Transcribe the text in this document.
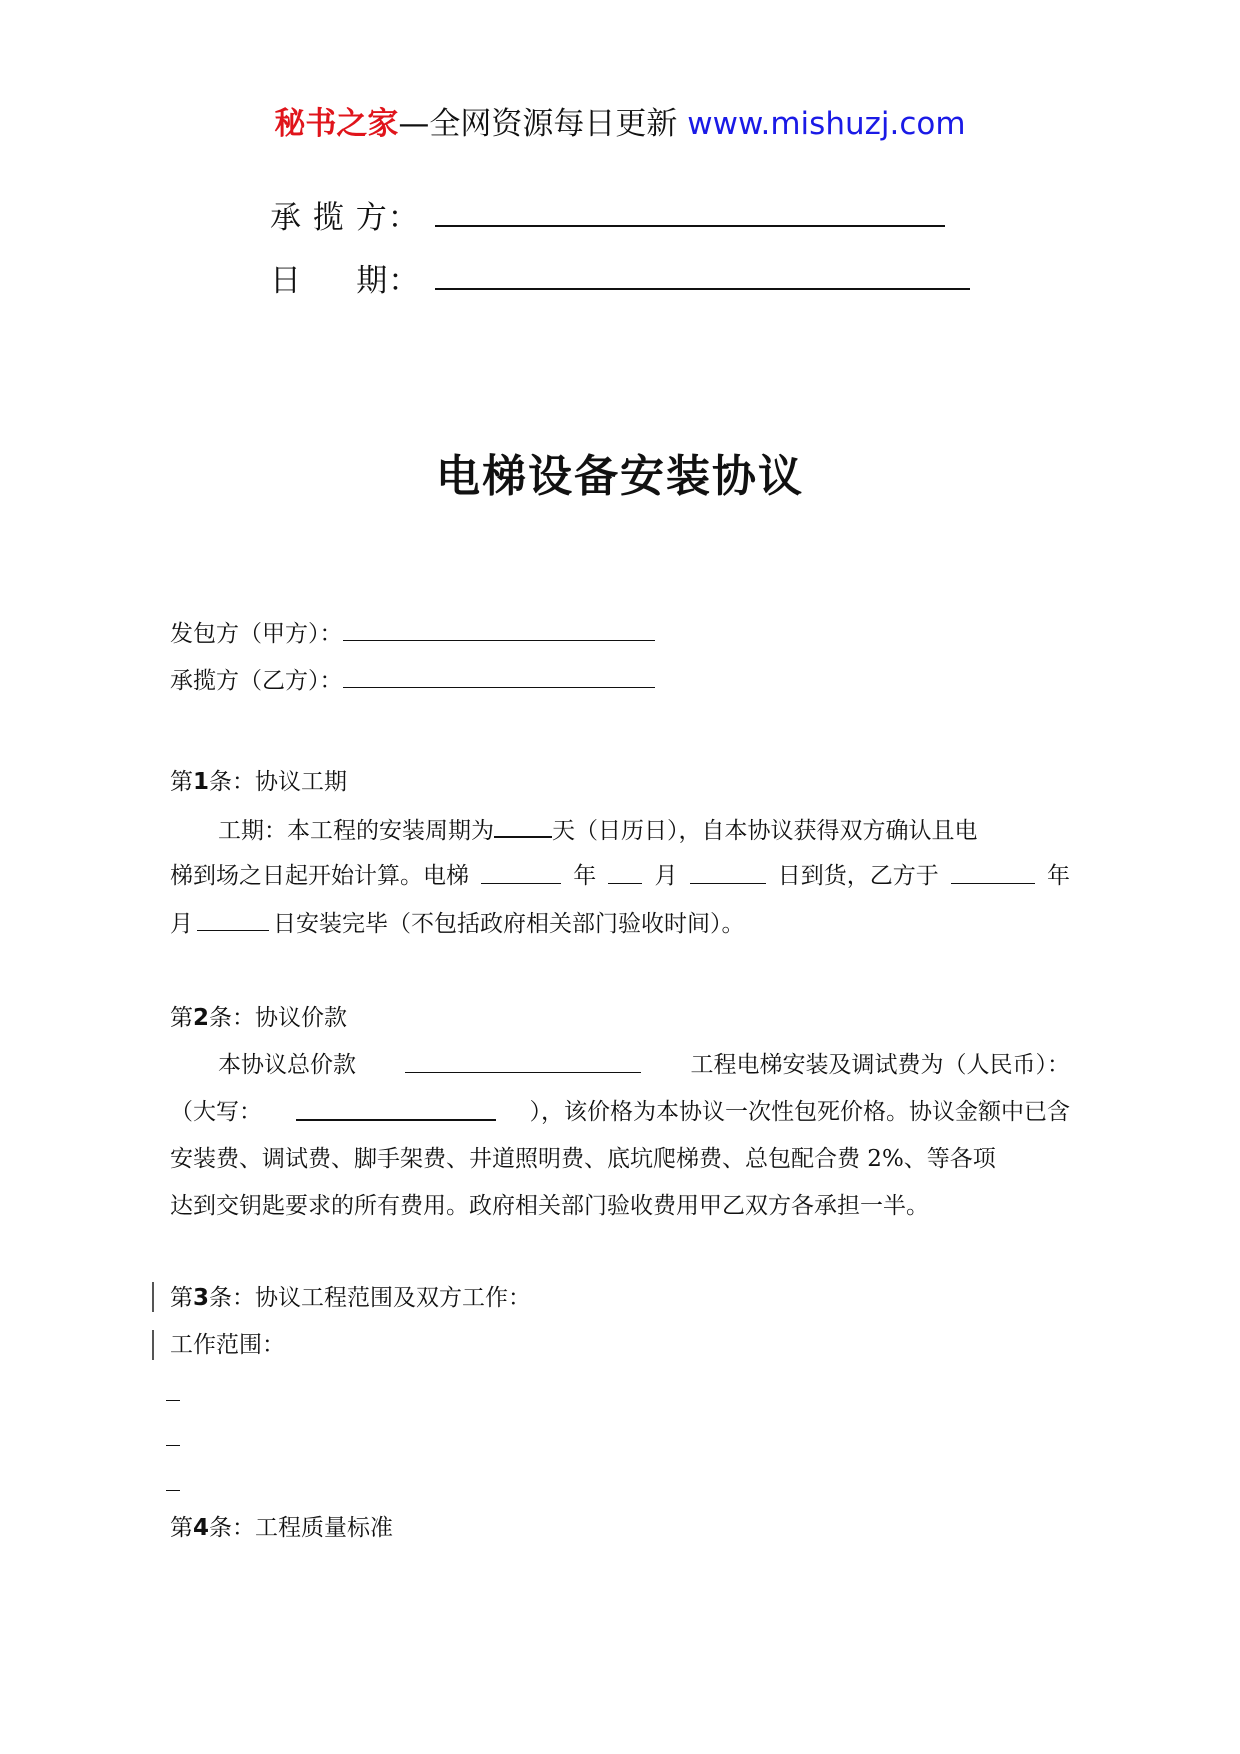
秘书之家—全网资源每日更新 www.mishuzj.com
承 揽 方：
日     期：
电梯设备安装协议
发包方（甲方）：
承揽方（乙方）：
第1条：协议工期
工期：本工程的安装周期为	天（日历日），自本协议获得双方确认且电
梯到场之日起开始计算。电梯	年	月	日到货，乙方于	年
月	日安装完毕（不包括政府相关部门验收时间）。
第2条：协议价款
本协议总价款	工程电梯安装及调试费为（人民币）：
（大写：	），该价格为本协议一次性包死价格。协议金额中已含
安装费、调试费、脚手架费、井道照明费、底坑爬梯费、总包配合费 2%、等各项
达到交钥匙要求的所有费用。政府相关部门验收费用甲乙双方各承担一半。
第3条：协议工程范围及双方工作：
工作范围：
第4条：工程质量标准
